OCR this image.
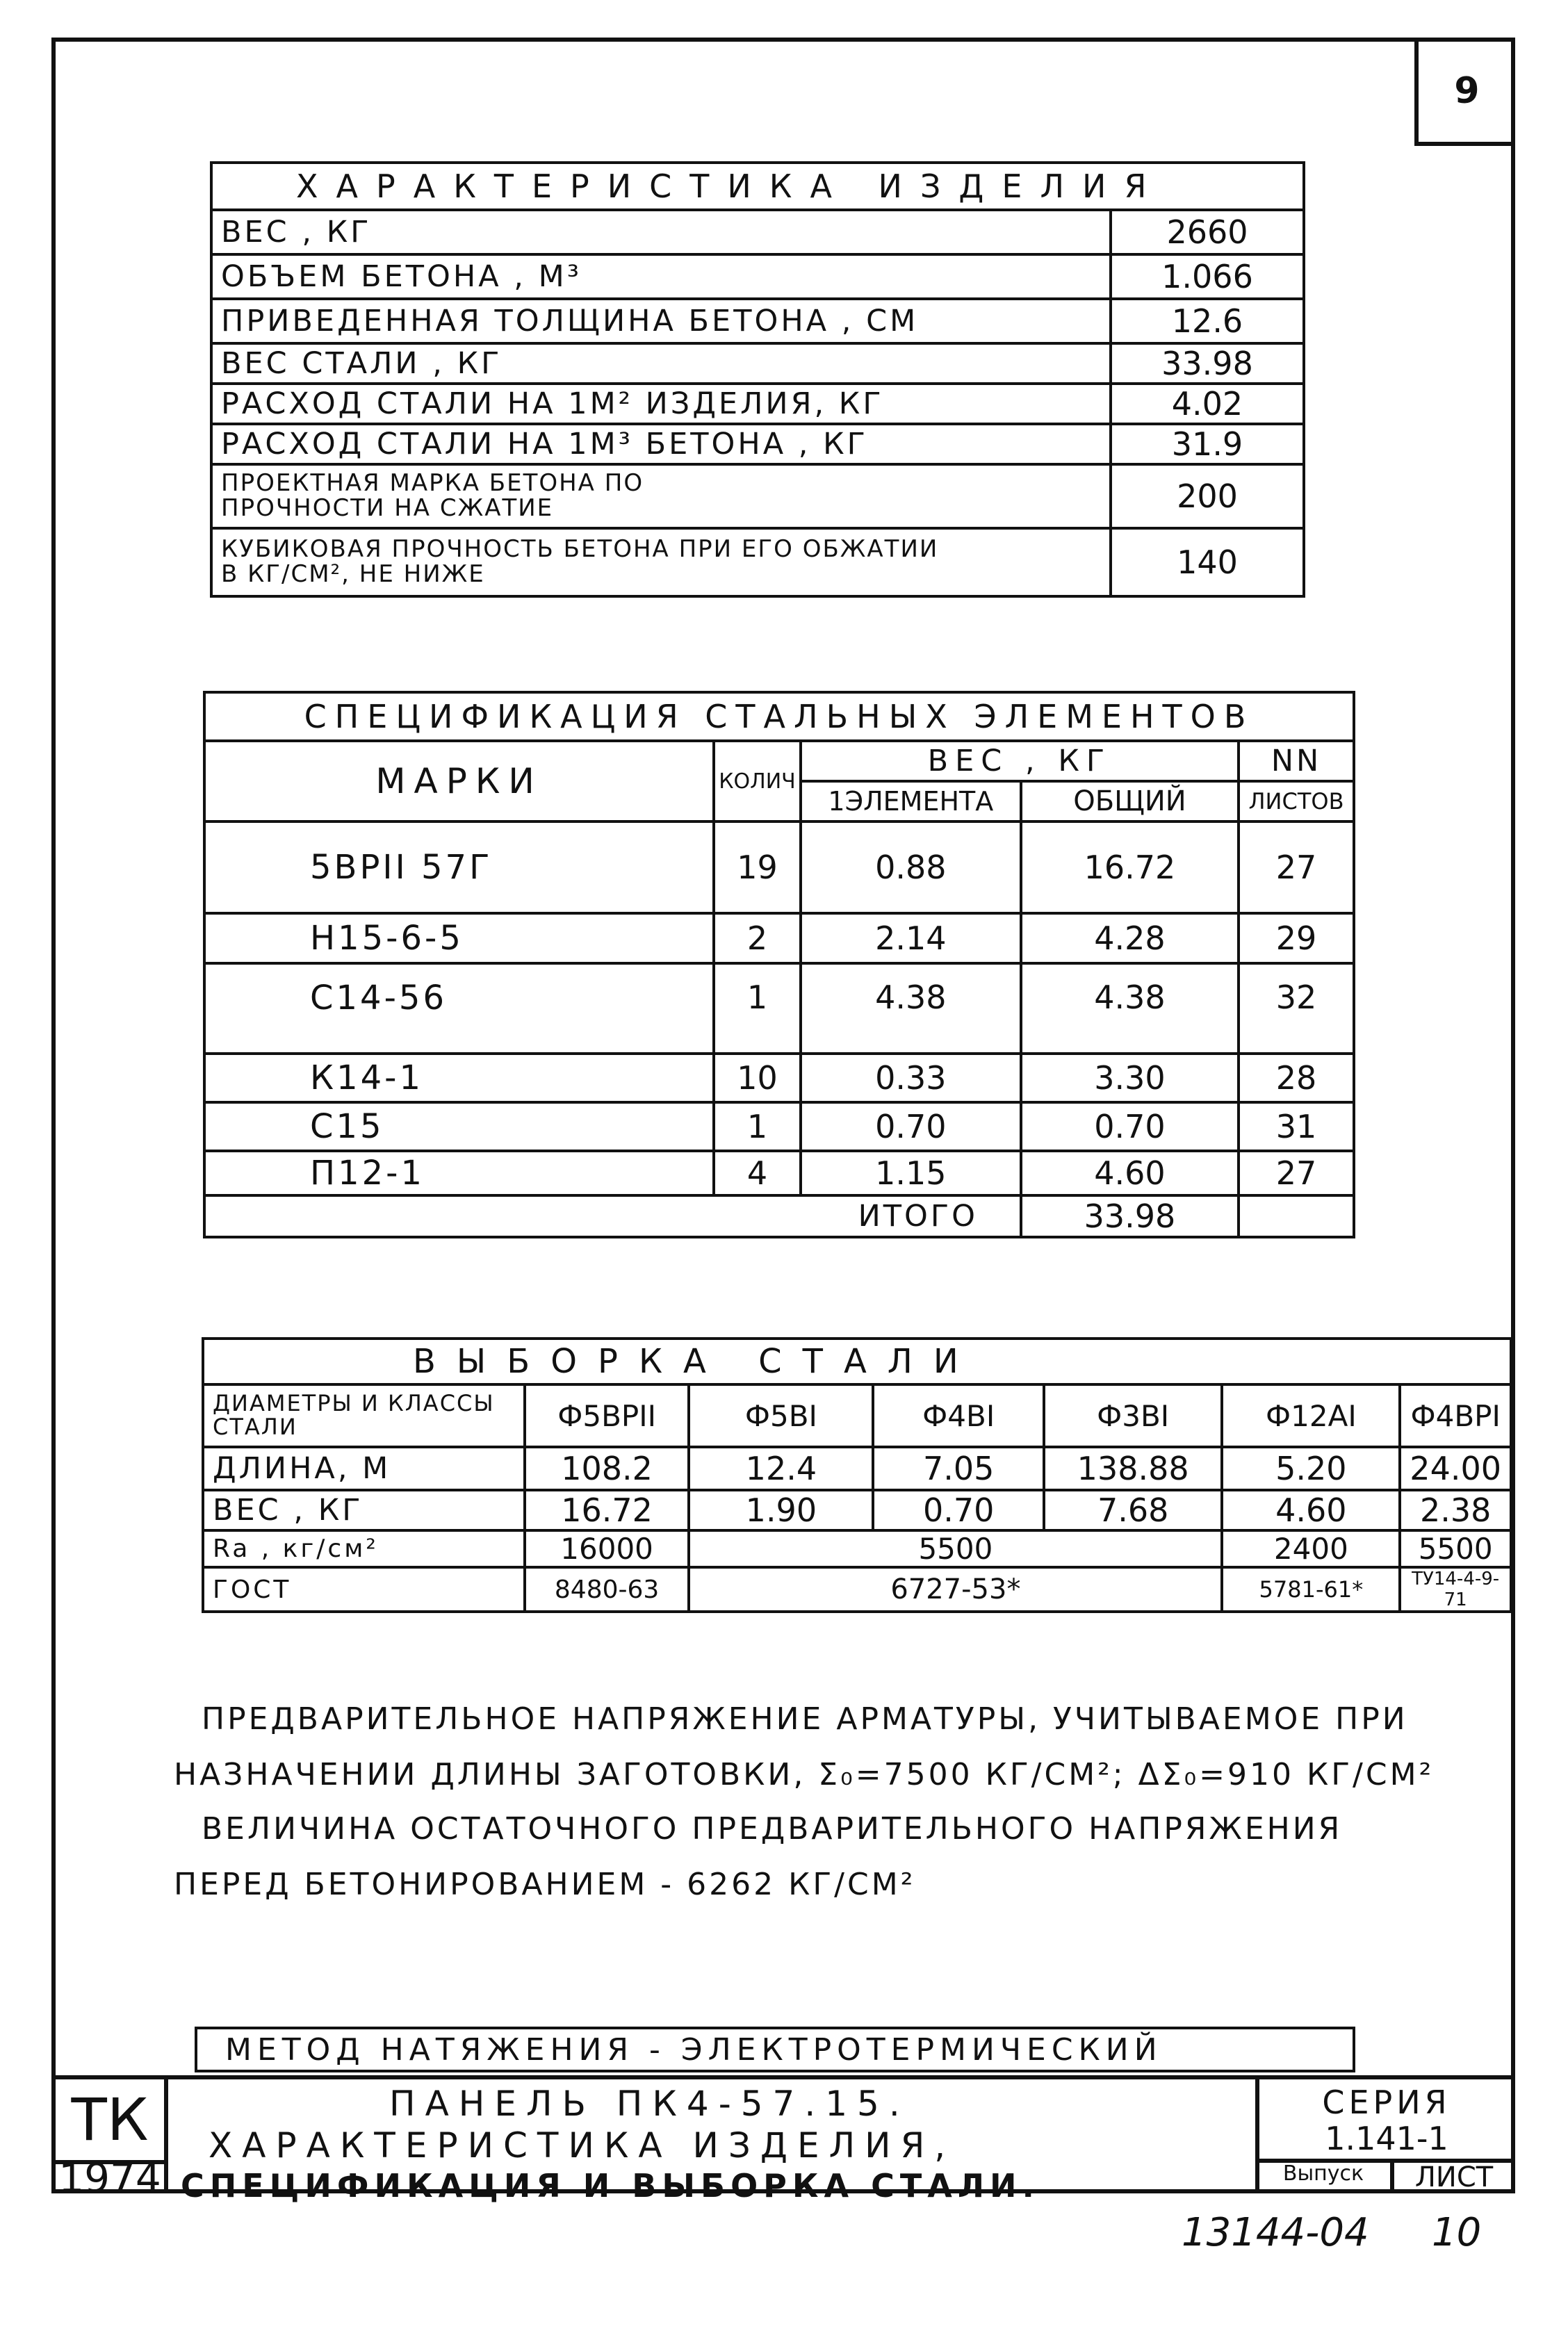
9
ХАРАКТЕРИСТИКА ИЗДЕЛИЯ	
ВЕС , КГ	2660
ОБЪЕМ БЕТОНА , М³	1.066
ПРИВЕДЕННАЯ ТОЛЩИНА БЕТОНА , СМ	12.6
ВЕС СТАЛИ , КГ	33.98
РАСХОД СТАЛИ НА 1М² ИЗДЕЛИЯ, КГ	4.02
РАСХОД СТАЛИ НА 1М³ БЕТОНА , КГ	31.9
ПРОЕКТНАЯ МАРКА БЕТОНА ПО ПРОЧНОСТИ НА СЖАТИЕ	200
КУБИКОВАЯ ПРОЧНОСТЬ БЕТОНА ПРИ ЕГО ОБЖАТИИ В КГ/СМ², НЕ НИЖЕ	140
СПЕЦИФИКАЦИЯ СТАЛЬНЫХ ЭЛЕМЕНТОВ				
МАРКИ	КОЛИЧ	ВЕС , КГ		NN
		1ЭЛЕМЕНТА	ОБЩИЙ	ЛИСТОВ
5ВРII 57Г	19	0.88	16.72	27
Н15-6-5	2	2.14	4.28	29
С14-56	1	4.38	4.38	32
К14-1	10	0.33	3.30	28
С15	1	0.70	0.70	31
П12-1	4	1.15	4.60	27
ИТОГО			33.98	
ВЫБОРКА СТАЛИ						
ДИАМЕТРЫ И КЛАССЫ СТАЛИ	Ф5ВРII	Ф5ВI	Ф4ВI	Ф3ВI	Ф12АI	Ф4ВРI
ДЛИНА, М	108.2	12.4	7.05	138.88	5.20	24.00
ВЕС , КГ	16.72	1.90	0.70	7.68	4.60	2.38
Ra , кг/см²	16000	5500			2400	5500
ГОСТ	8480-63	6727-53*			5781-61*	ТУ14-4-9-71
ПРЕДВАРИТЕЛЬНОЕ НАПРЯЖЕНИЕ АРМАТУРЫ, УЧИТЫВАЕМОЕ ПРИ
НАЗНАЧЕНИИ ДЛИНЫ ЗАГОТОВКИ, Σ₀=7500 КГ/СМ²; ΔΣ₀=910 КГ/СМ²
ВЕЛИЧИНА ОСТАТОЧНОГО ПРЕДВАРИТЕЛЬНОГО НАПРЯЖЕНИЯ
ПЕРЕД БЕТОНИРОВАНИЕМ - 6262 КГ/СМ²
МЕТОД НАТЯЖЕНИЯ - ЭЛЕКТРОТЕРМИЧЕСКИЙ
ТК
1974
ПАНЕЛЬ ПК4-57.15.
ХАРАКТЕРИСТИКА ИЗДЕЛИЯ,
СПЕЦИФИКАЦИЯ И ВЫБОРКА СТАЛИ.
СЕРИЯ
1.141-1
Выпуск	ЛИСТ
13144-04 10
